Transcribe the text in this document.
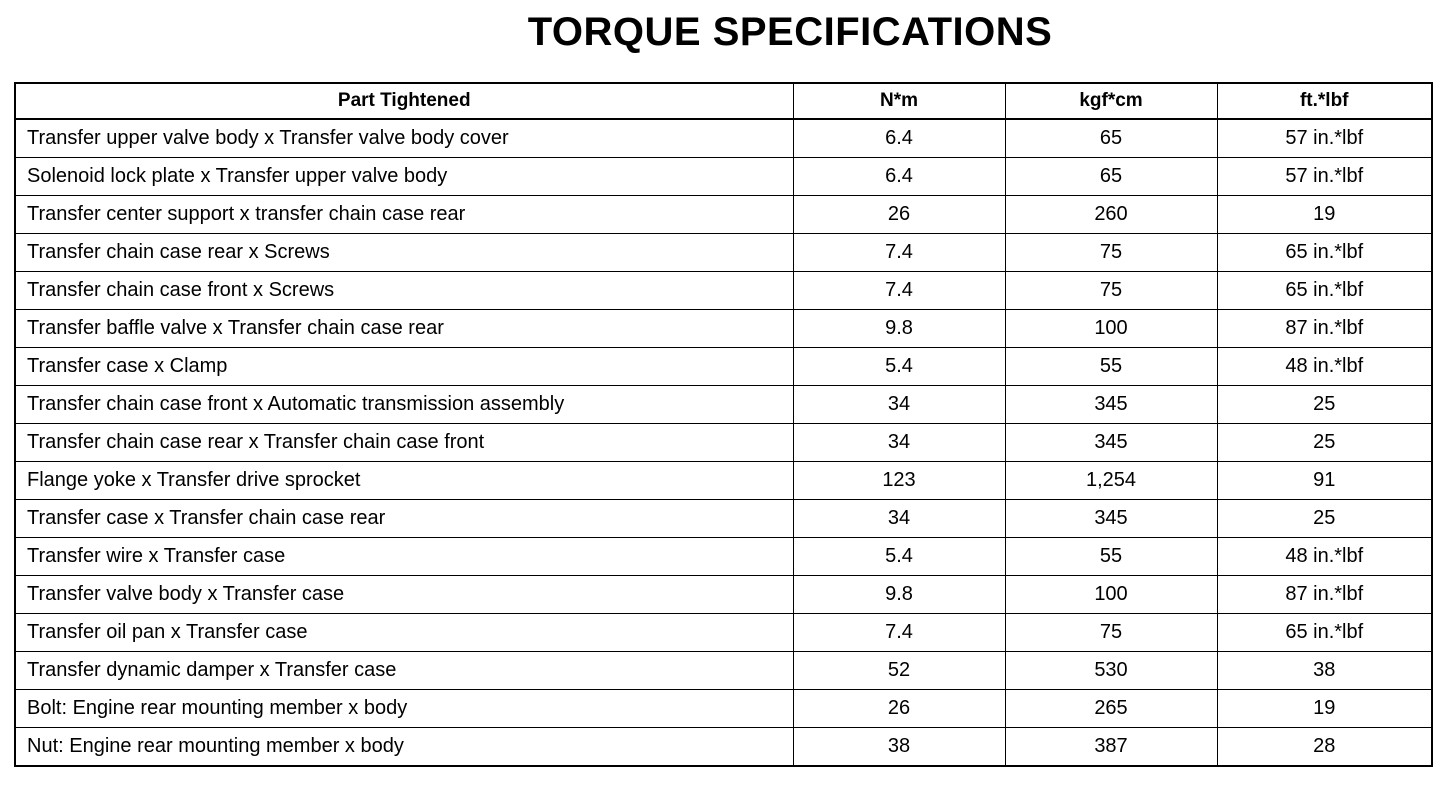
TORQUE SPECIFICATIONS
Part Tightened	N*m	kgf*cm	ft.*lbf
Transfer upper valve body x Transfer valve body cover	6.4	65	57 in.*lbf
Solenoid lock plate x Transfer upper valve body	6.4	65	57 in.*lbf
Transfer center support x transfer chain case rear	26	260	19
Transfer chain case rear x Screws	7.4	75	65 in.*lbf
Transfer chain case front x Screws	7.4	75	65 in.*lbf
Transfer baffle valve x Transfer chain case rear	9.8	100	87 in.*lbf
Transfer case x Clamp	5.4	55	48 in.*lbf
Transfer chain case front x Automatic transmission assembly	34	345	25
Transfer chain case rear x Transfer chain case front	34	345	25
Flange yoke x Transfer drive sprocket	123	1,254	91
Transfer case x Transfer chain case rear	34	345	25
Transfer wire x Transfer case	5.4	55	48 in.*lbf
Transfer valve body x Transfer case	9.8	100	87 in.*lbf
Transfer oil pan x Transfer case	7.4	75	65 in.*lbf
Transfer dynamic damper x Transfer case	52	530	38
Bolt: Engine rear mounting member x body	26	265	19
Nut: Engine rear mounting member x body	38	387	28
